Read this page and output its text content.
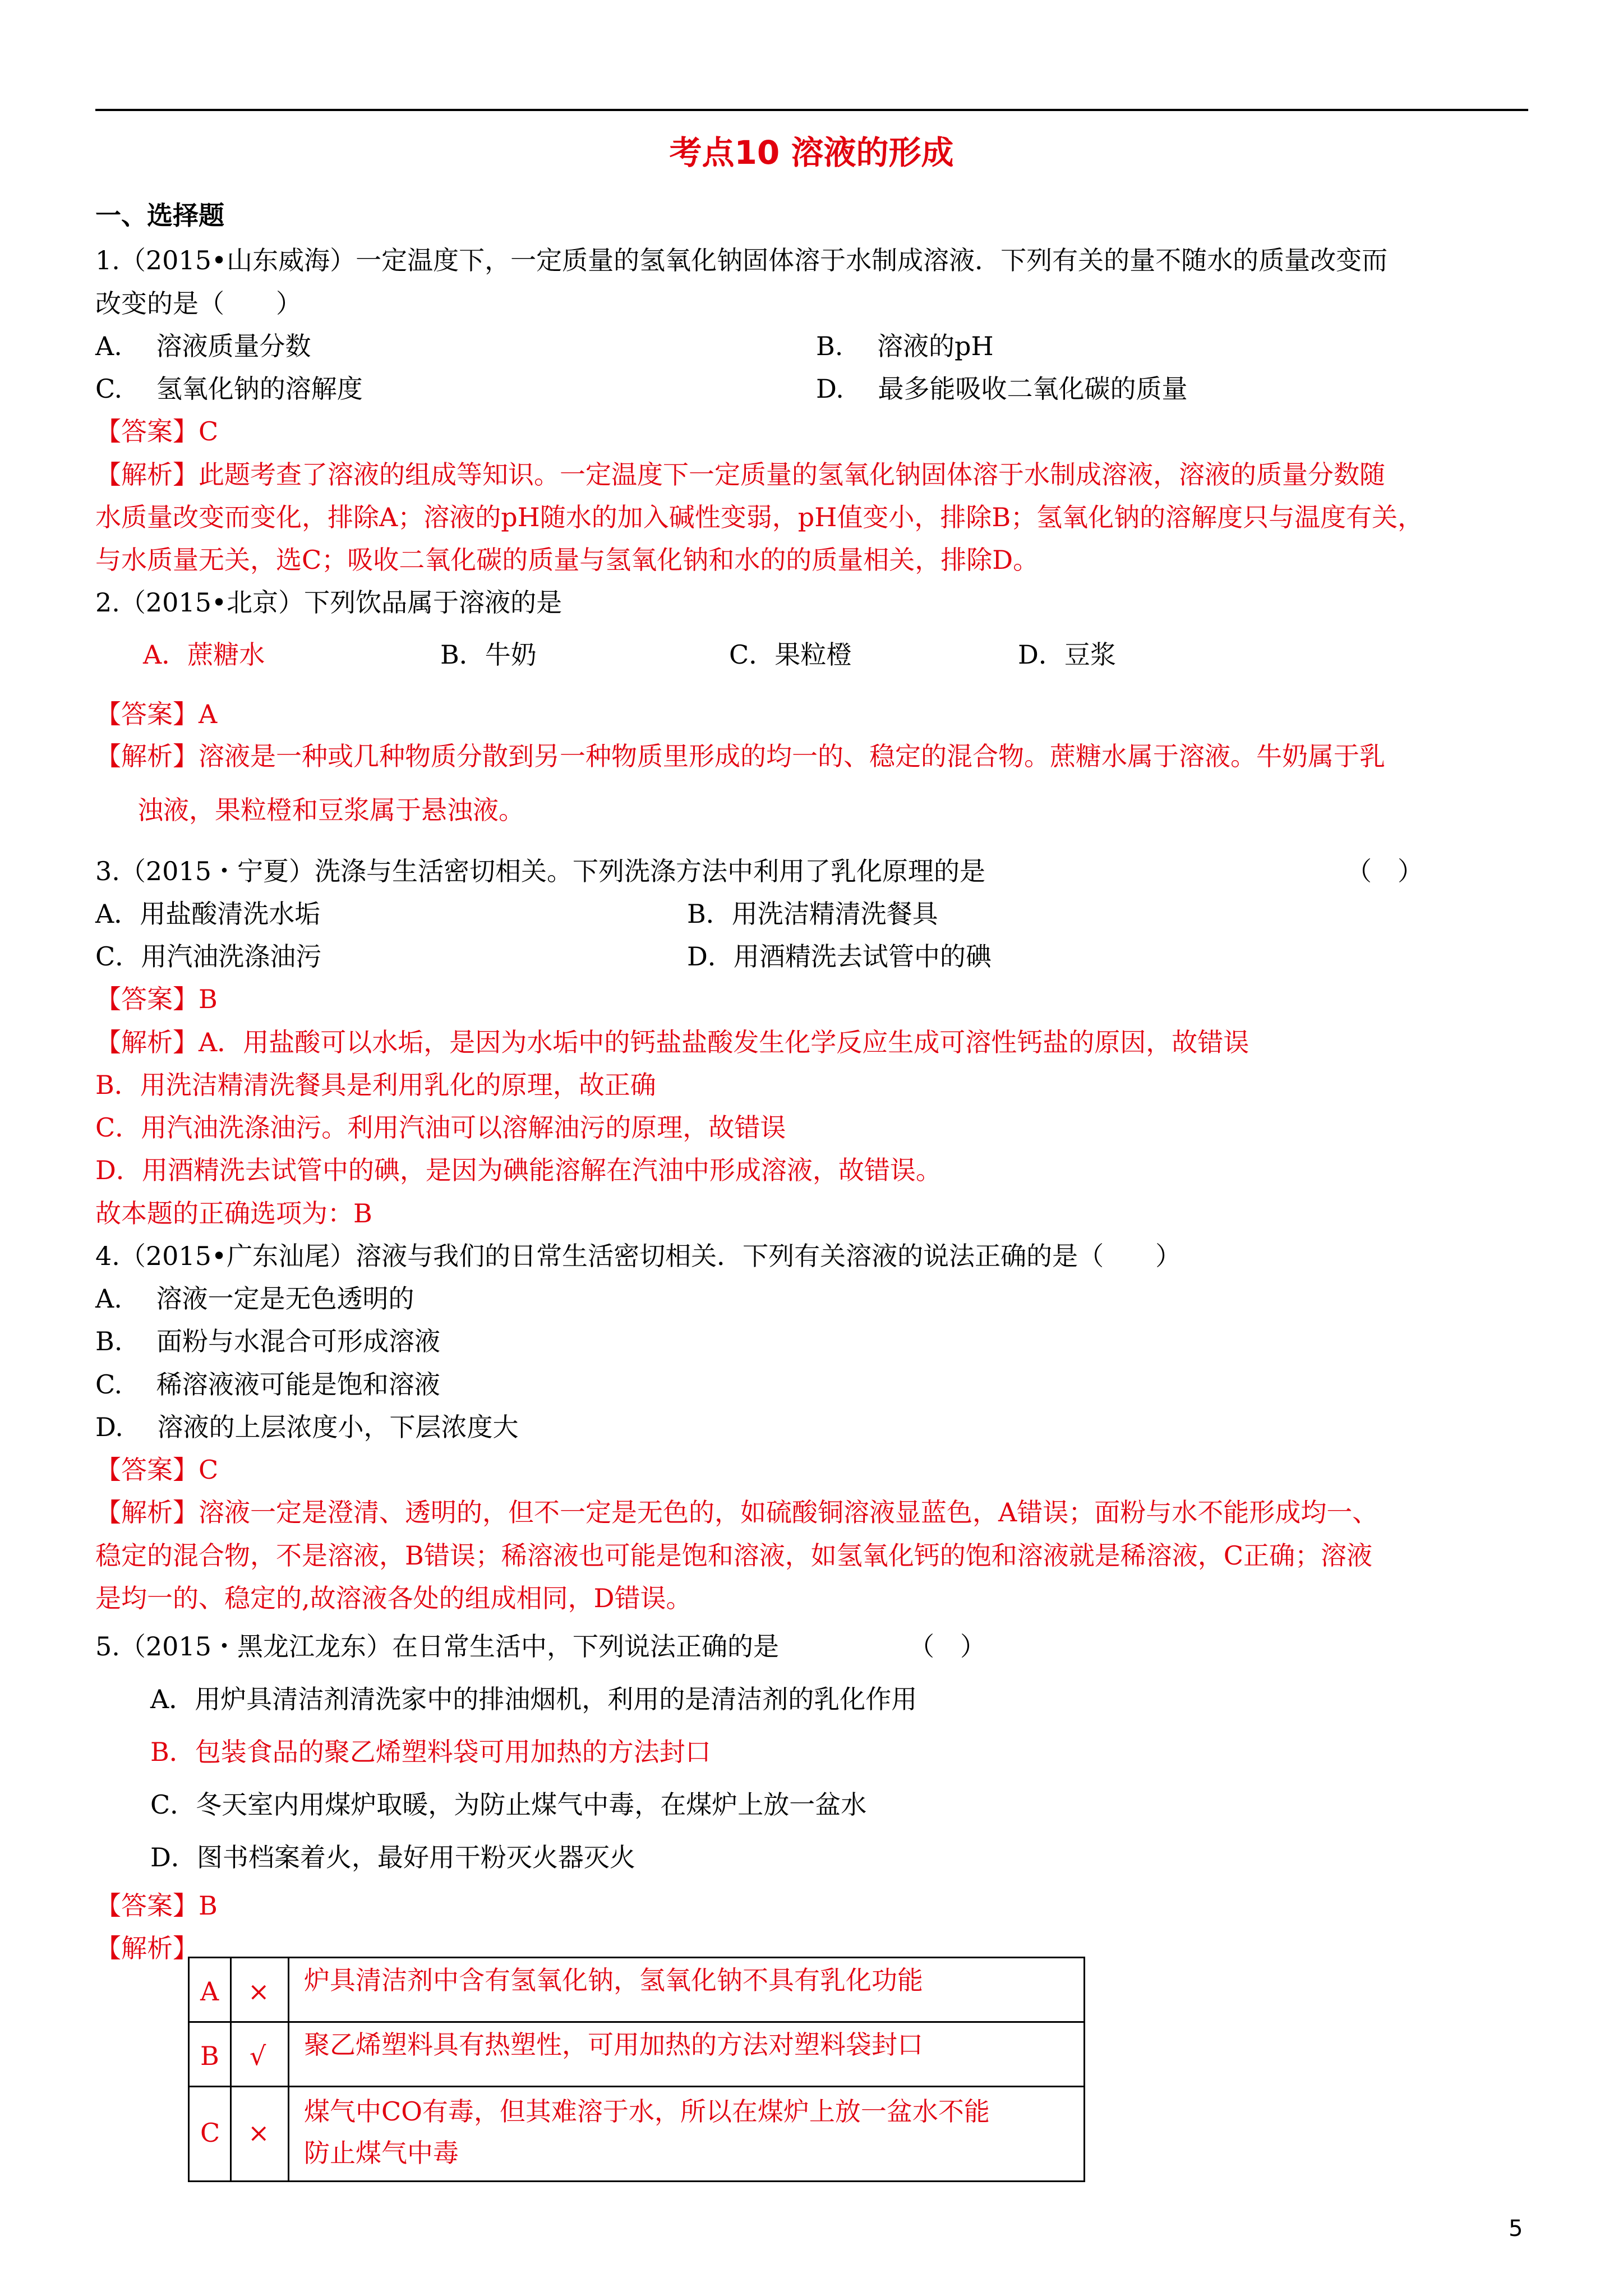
考点10 溶液的形成
一、选择题
1.（2015•山东威海）一定温度下，一定质量的氢氧化钠固体溶于水制成溶液．下列有关的量不随水的质量改变而
改变的是（　　）
A.　 溶液质量分数	B.　 溶液的pH
C.　 氢氧化钠的溶解度	D.　 最多能吸收二氧化碳的质量
【答案】C
【解析】此题考查了溶液的组成等知识。一定温度下一定质量的氢氧化钠固体溶于水制成溶液，溶液的质量分数随
水质量改变而变化，排除A；溶液的pH随水的加入碱性变弱，pH值变小，排除B；氢氧化钠的溶解度只与温度有关，
与水质量无关，选C；吸收二氧化碳的质量与氢氧化钠和水的的质量相关，排除D。
2.（2015•北京）下列饮品属于溶液的是
A．蔗糖水	B．牛奶	C．果粒橙	D．豆浆
【答案】A
【解析】溶液是一种或几种物质分散到另一种物质里形成的均一的、稳定的混合物。蔗糖水属于溶液。牛奶属于乳
浊液，果粒橙和豆浆属于悬浊液。
3.（2015・宁夏）洗涤与生活密切相关。下列洗涤方法中利用了乳化原理的是	（　）
A．用盐酸清洗水垢	B．用洗洁精清洗餐具
C．用汽油洗涤油污	D．用酒精洗去试管中的碘
【答案】B
【解析】A．用盐酸可以水垢，是因为水垢中的钙盐盐酸发生化学反应生成可溶性钙盐的原因，故错误
B．用洗洁精清洗餐具是利用乳化的原理，故正确
C．用汽油洗涤油污。利用汽油可以溶解油污的原理，故错误
D．用酒精洗去试管中的碘，是因为碘能溶解在汽油中形成溶液，故错误。
故本题的正确选项为：B
4.（2015•广东汕尾）溶液与我们的日常生活密切相关．下列有关溶液的说法正确的是（　　）
A.　 溶液一定是无色透明的
B.　 面粉与水混合可形成溶液
C.　 稀溶液液可能是饱和溶液
D.　 溶液的上层浓度小，下层浓度大
【答案】C
【解析】溶液一定是澄清、透明的，但不一定是无色的，如硫酸铜溶液显蓝色，A错误；面粉与水不能形成均一、
稳定的混合物，不是溶液，B错误；稀溶液也可能是饱和溶液，如氢氧化钙的饱和溶液就是稀溶液，C正确；溶液
是均一的、稳定的,故溶液各处的组成相同，D错误。
5.（2015・黑龙江龙东）在日常生活中，下列说法正确的是	（　）
A．用炉具清洁剂清洗家中的排油烟机，利用的是清洁剂的乳化作用
B．包装食品的聚乙烯塑料袋可用加热的方法封口
C．冬天室内用煤炉取暖，为防止煤气中毒，在煤炉上放一盆水
D．图书档案着火，最好用干粉灭火器灭火
【答案】B
【解析】
A × 炉具清洁剂中含有氢氧化钠，氢氧化钠不具有乳化功能
B √ 聚乙烯塑料具有热塑性，可用加热的方法对塑料袋封口
C ×
煤气中CO有毒，但其难溶于水，所以在煤炉上放一盆水不能
防止煤气中毒
5
